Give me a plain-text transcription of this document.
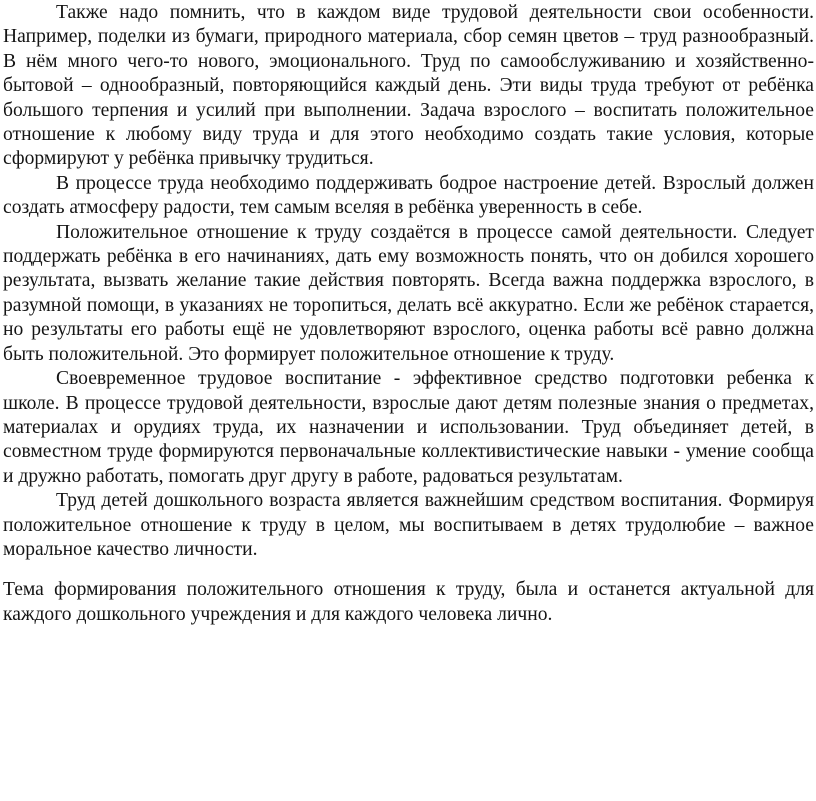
Также надо помнить, что в каждом виде трудовой деятельности свои особенности. Например, поделки из бумаги, природного материала, сбор семян цветов – труд разнообразный. В нём много чего-то нового, эмоционального. Труд по самообслуживанию и хозяйственно-бытовой – однообразный, повторяющийся каждый день. Эти виды труда требуют от ребёнка большого терпения и усилий при выполнении. Задача взрослого – воспитать положительное отношение к любому виду труда и для этого необходимо создать такие условия, которые сформируют у ребёнка привычку трудиться.

В процессе труда необходимо поддерживать бодрое настроение детей. Взрослый должен создать атмосферу радости, тем самым вселяя в ребёнка уверенность в себе.

Положительное отношение к труду создаётся в процессе самой деятельности. Следует поддержать ребёнка в его начинаниях, дать ему возможность понять, что он добился хорошего результата, вызвать желание такие действия повторять. Всегда важна поддержка взрослого, в разумной помощи, в указаниях не торопиться, делать всё аккуратно. Если же ребёнок старается, но результаты его работы ещё не удовлетворяют взрослого, оценка работы всё равно должна быть положительной. Это формирует положительное отношение к труду.

Своевременное трудовое воспитание - эффективное средство подготовки ребенка к школе. В процессе трудовой деятельности, взрослые дают детям полезные знания о предметах, материалах и орудиях труда, их назначении и использовании. Труд объединяет детей, в совместном труде формируются первоначальные коллективистические навыки - умение сообща и дружно работать, помогать друг другу в работе, радоваться результатам.

Труд детей дошкольного возраста является важнейшим средством воспитания. Формируя положительное отношение к труду в целом, мы воспитываем в детях трудолюбие – важное моральное качество личности.

Тема формирования положительного отношения к труду, была и останется актуальной для каждого дошкольного учреждения и для каждого человека лично.
